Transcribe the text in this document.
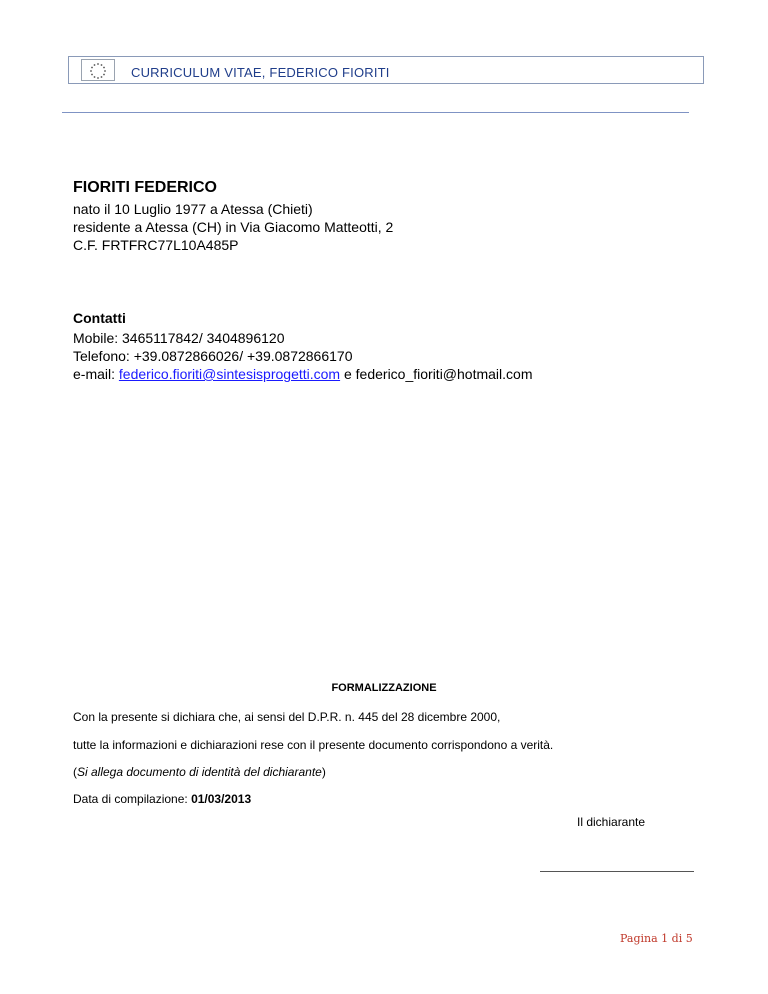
CURRICULUM VITAE, FEDERICO FIORITI
FIORITI FEDERICO
nato il 10 Luglio 1977 a Atessa (Chieti)
residente a Atessa (CH) in Via Giacomo Matteotti, 2
C.F. FRTFRC77L10A485P
Contatti
Mobile: 3465117842/ 3404896120
Telefono: +39.0872866026/ +39.0872866170
e-mail: federico.fioriti@sintesisprogetti.com e federico_fioriti@hotmail.com
FORMALIZZAZIONE
Con la presente si dichiara che, ai sensi del D.P.R. n. 445 del 28 dicembre 2000,
tutte la informazioni e dichiarazioni rese con il presente documento corrispondono a verità.
(Si allega documento di identità del dichiarante)
Data di compilazione: 01/03/2013
Il dichiarante
Pagina 1 di 5
